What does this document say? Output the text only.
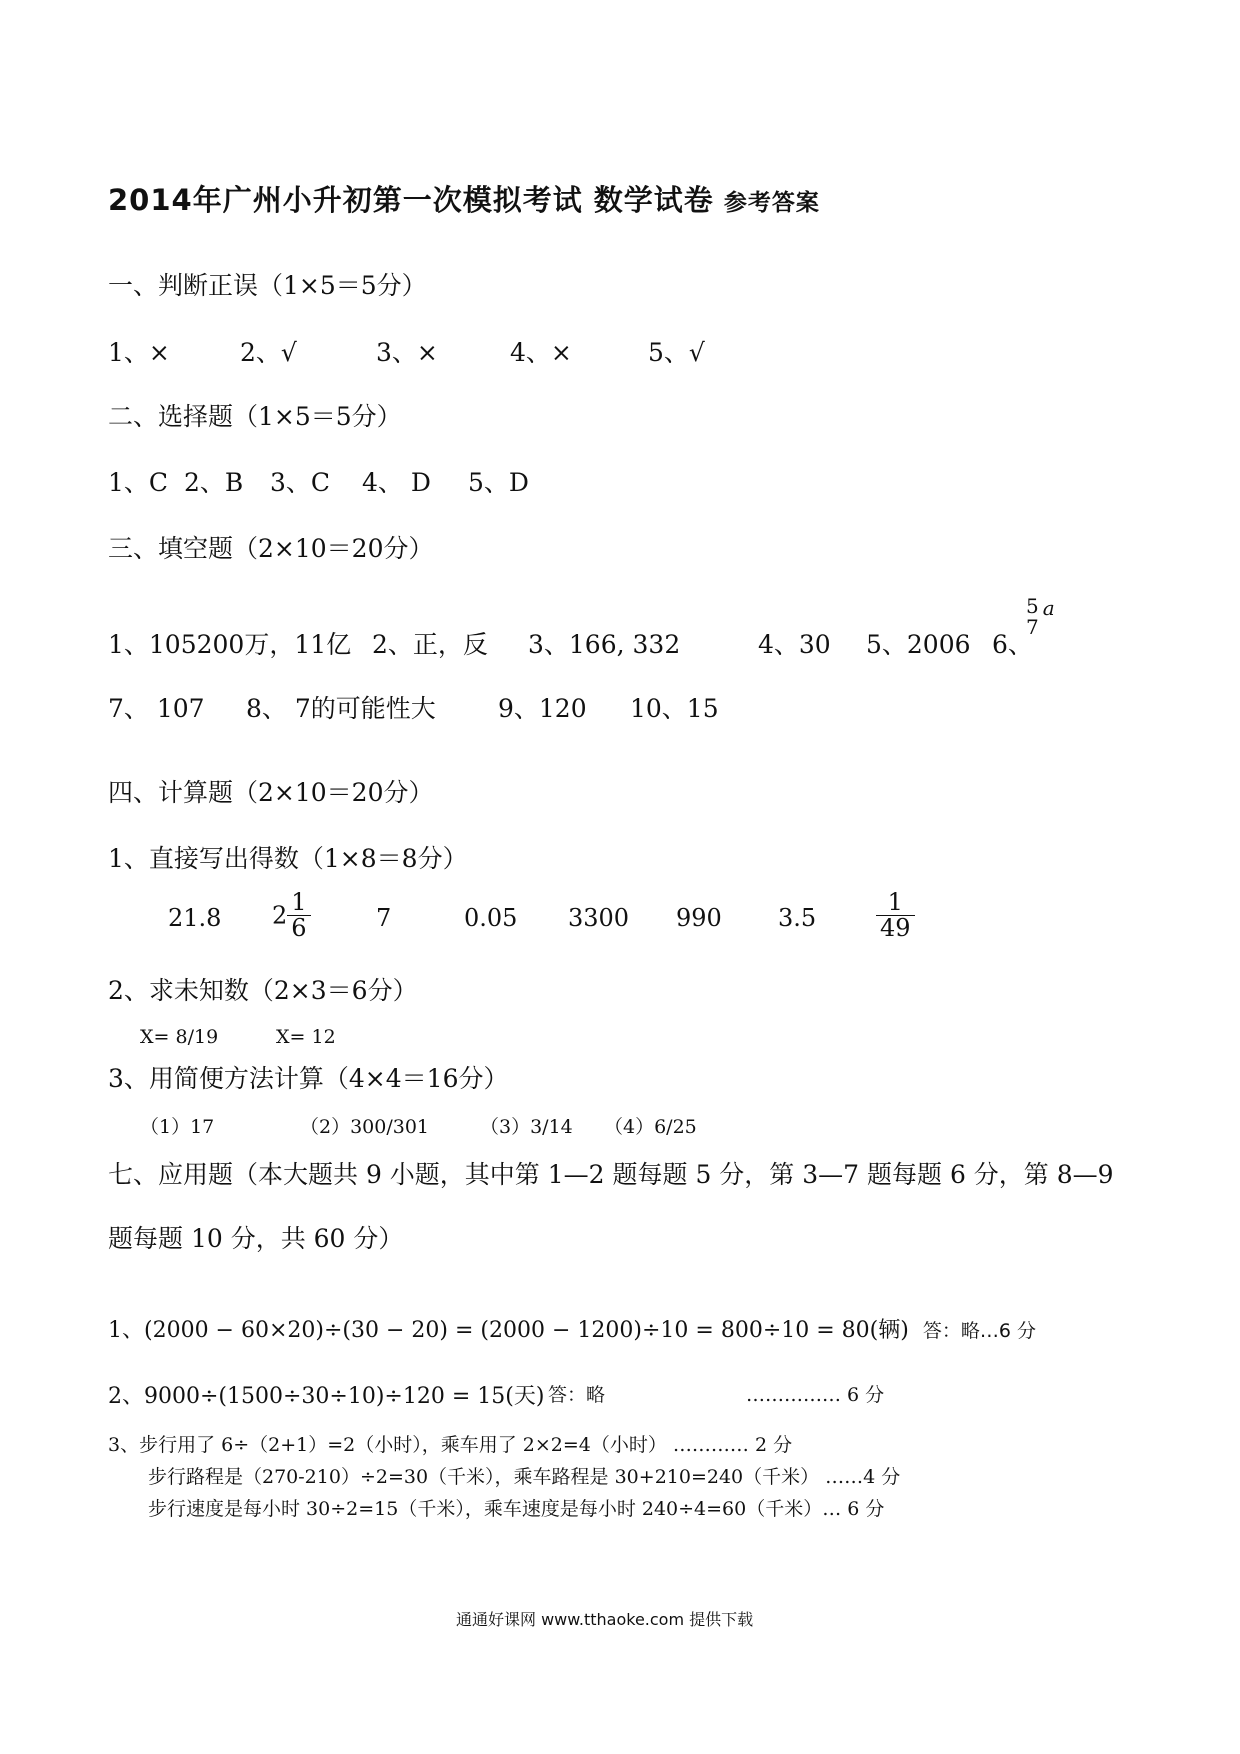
2014年广州小升初第一次模拟考试 数学试卷 参考答案
一、判断正误（1×5＝5分）
1、×	2、√	3、×	4、×	5、√
二、选择题（1×5＝5分）
1、C 2、B 3、C 4、 D 5、D
三、填空题（2×10＝20分）
1、105200万，11亿 2、正，反 3、166, 332	4、30 5、2006 6、
5
7
a
7、 107 8、 7的可能性大 9、120 10、15
四、计算题（2×10＝20分）
1、直接写出得数（1×8＝8分）
21.8 $2 \frac{1}{6}$	7	0.05 3300 990 $3.5 \frac{1}{49}$
2、求未知数（2×3＝6分）
X= 8/19	X= 12
3、用简便方法计算（4×4＝16分）
（1）17	（2）300/301	（3）3/14 （4）6/25
七、应用题（本大题共 9 小题，其中第 1—2 题每题 5 分，第 3—7 题每题 6 分，第 8—9
题每题 10 分，共 60 分）
1、(2000 − 60×20)÷(30 − 20) = (2000 − 1200)÷10 = 800÷10 = 80(辆) 答：略…6 分
2、9000÷(1500÷30÷10)÷120 = 15(天) 答：略	…………… 6 分
3、步行用了 6÷（2+1）=2（小时），乘车用了 2×2=4（小时） ………… 2 分
步行路程是（270-210）÷2=30（千米），乘车路程是 30+210=240（千米） ……4 分
步行速度是每小时 30÷2=15（千米），乘车速度是每小时 240÷4=60（千米）… 6 分
通通好课网 www.tthaoke.com 提供下载
